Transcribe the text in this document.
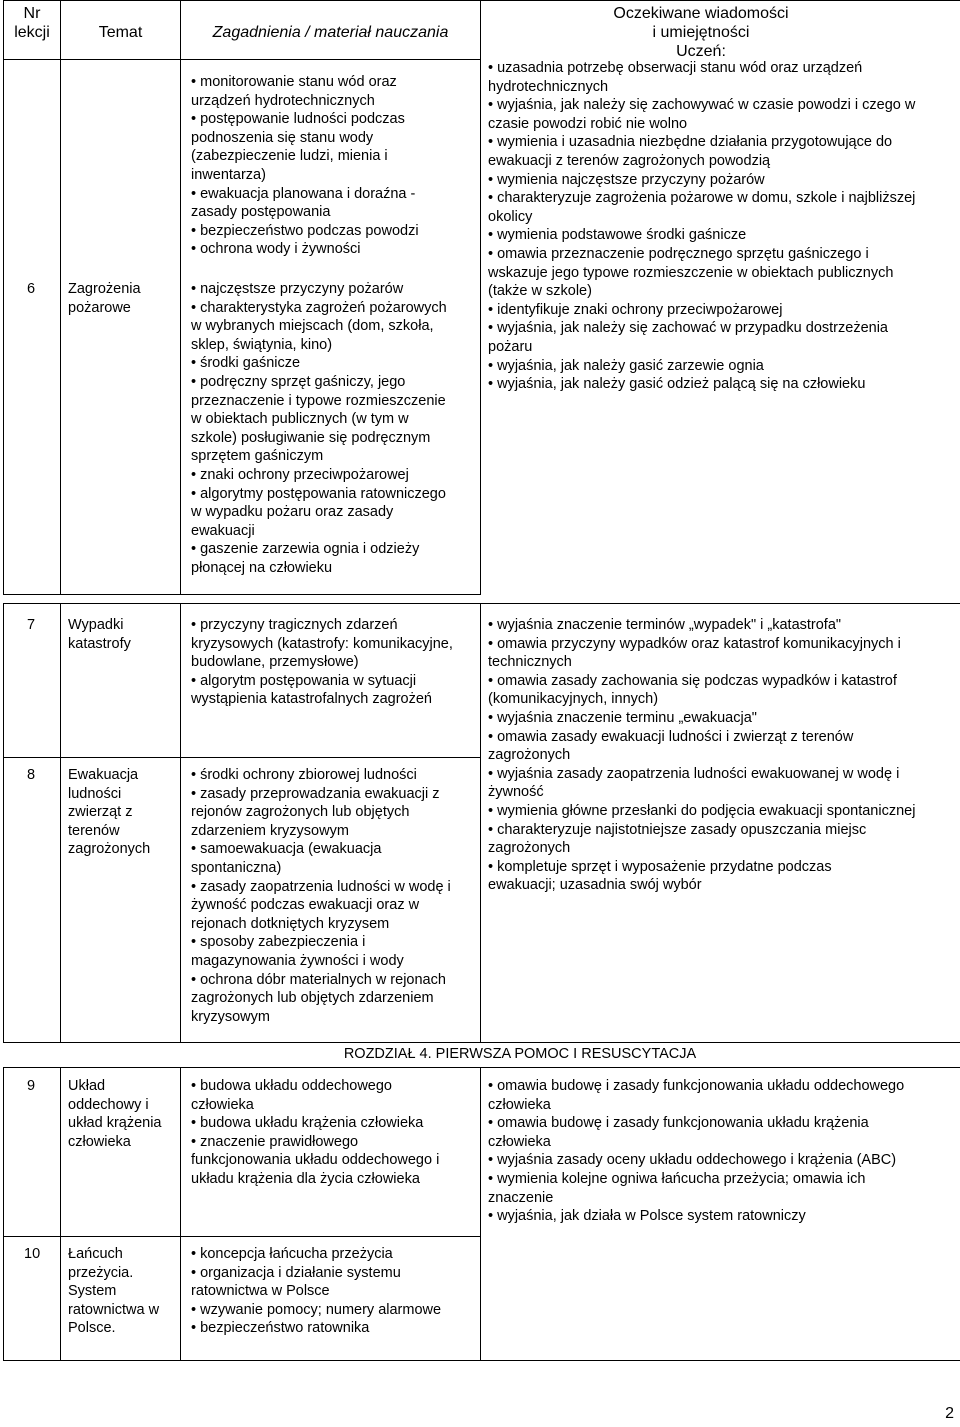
Nr
lekcji	Temat	Zagadnienia / materiał nauczania
Oczekiwane wiadomości
i umiejętności
Uczeń:
6 Zagrożenia
pożarowe
• monitorowanie stanu wód oraz
urządzeń hydrotechnicznych
• postępowanie ludności podczas
podnoszenia się stanu wody
(zabezpieczenie ludzi, mienia i
inwentarza)
• ewakuacja planowana i doraźna -
zasady postępowania
• bezpieczeństwo podczas powodzi
• ochrona wody i żywności
• najczęstsze przyczyny pożarów
• charakterystyka zagrożeń pożarowych
w wybranych miejscach (dom, szkoła,
sklep, świątynia, kino)
• środki gaśnicze
• podręczny sprzęt gaśniczy, jego
przeznaczenie i typowe rozmieszczenie
w obiektach publicznych (w tym w
szkole) posługiwanie się podręcznym
sprzętem gaśniczym
• znaki ochrony przeciwpożarowej
• algorytmy postępowania ratowniczego
w wypadku pożaru oraz zasady
ewakuacji
• gaszenie zarzewia ognia i odzieży
płonącej na człowieku
• uzasadnia potrzebę obserwacji stanu wód oraz urządzeń
hydrotechnicznych
• wyjaśnia, jak należy się zachowywać w czasie powodzi i czego w
czasie powodzi robić nie wolno
• wymienia i uzasadnia niezbędne działania przygotowujące do
ewakuacji z terenów zagrożonych powodzią
• wymienia najczęstsze przyczyny pożarów
• charakteryzuje zagrożenia pożarowe w domu, szkole i najbliższej
okolicy
• wymienia podstawowe środki gaśnicze
• omawia przeznaczenie podręcznego sprzętu gaśniczego i
wskazuje jego typowe rozmieszczenie w obiektach publicznych
(także w szkole)
• identyfikuje znaki ochrony przeciwpożarowej
• wyjaśnia, jak należy się zachować w przypadku dostrzeżenia
pożaru
• wyjaśnia, jak należy gasić zarzewie ognia
• wyjaśnia, jak należy gasić odzież palącą się na człowieku
7 Wypadki
katastrofy
• przyczyny tragicznych zdarzeń
kryzysowych (katastrofy: komunikacyjne,
budowlane, przemysłowe)
• algorytm postępowania w sytuacji
wystąpienia katastrofalnych zagrożeń
8 Ewakuacja
ludności
zwierząt z
terenów
zagrożonych
• środki ochrony zbiorowej ludności
• zasady przeprowadzania ewakuacji z
rejonów zagrożonych lub objętych
zdarzeniem kryzysowym
• samoewakuacja (ewakuacja
spontaniczna)
• zasady zaopatrzenia ludności w wodę i
żywność podczas ewakuacji oraz w
rejonach dotkniętych kryzysem
• sposoby zabezpieczenia i
magazynowania żywności i wody
• ochrona dóbr materialnych w rejonach
zagrożonych lub objętych zdarzeniem
kryzysowym
• wyjaśnia znaczenie terminów „wypadek" i „katastrofa"
• omawia przyczyny wypadków oraz katastrof komunikacyjnych i
technicznych
• omawia zasady zachowania się podczas wypadków i katastrof
(komunikacyjnych, innych)
• wyjaśnia znaczenie terminu „ewakuacja"
• omawia zasady ewakuacji ludności i zwierząt z terenów
zagrożonych
• wyjaśnia zasady zaopatrzenia ludności ewakuowanej w wodę i
żywność
• wymienia główne przesłanki do podjęcia ewakuacji spontanicznej
• charakteryzuje najistotniejsze zasady opuszczania miejsc
zagrożonych
• kompletuje sprzęt i wyposażenie przydatne podczas
ewakuacji; uzasadnia swój wybór
ROZDZIAŁ 4. PIERWSZA POMOC I RESUSCYTACJA
9 Układ
oddechowy i
układ krążenia
człowieka
• budowa układu oddechowego
człowieka
• budowa układu krążenia człowieka
• znaczenie prawidłowego
funkcjonowania układu oddechowego i
układu krążenia dla życia człowieka
• omawia budowę i zasady funkcjonowania układu oddechowego
człowieka
• omawia budowę i zasady funkcjonowania układu krążenia
człowieka
• wyjaśnia zasady oceny układu oddechowego i krążenia (ABC)
• wymienia kolejne ogniwa łańcucha przeżycia; omawia ich
znaczenie
• wyjaśnia, jak działa w Polsce system ratowniczy
10 Łańcuch
przeżycia.
System
ratownictwa w
Polsce.
• koncepcja łańcucha przeżycia
• organizacja i działanie systemu
ratownictwa w Polsce
• wzywanie pomocy; numery alarmowe
• bezpieczeństwo ratownika
2
